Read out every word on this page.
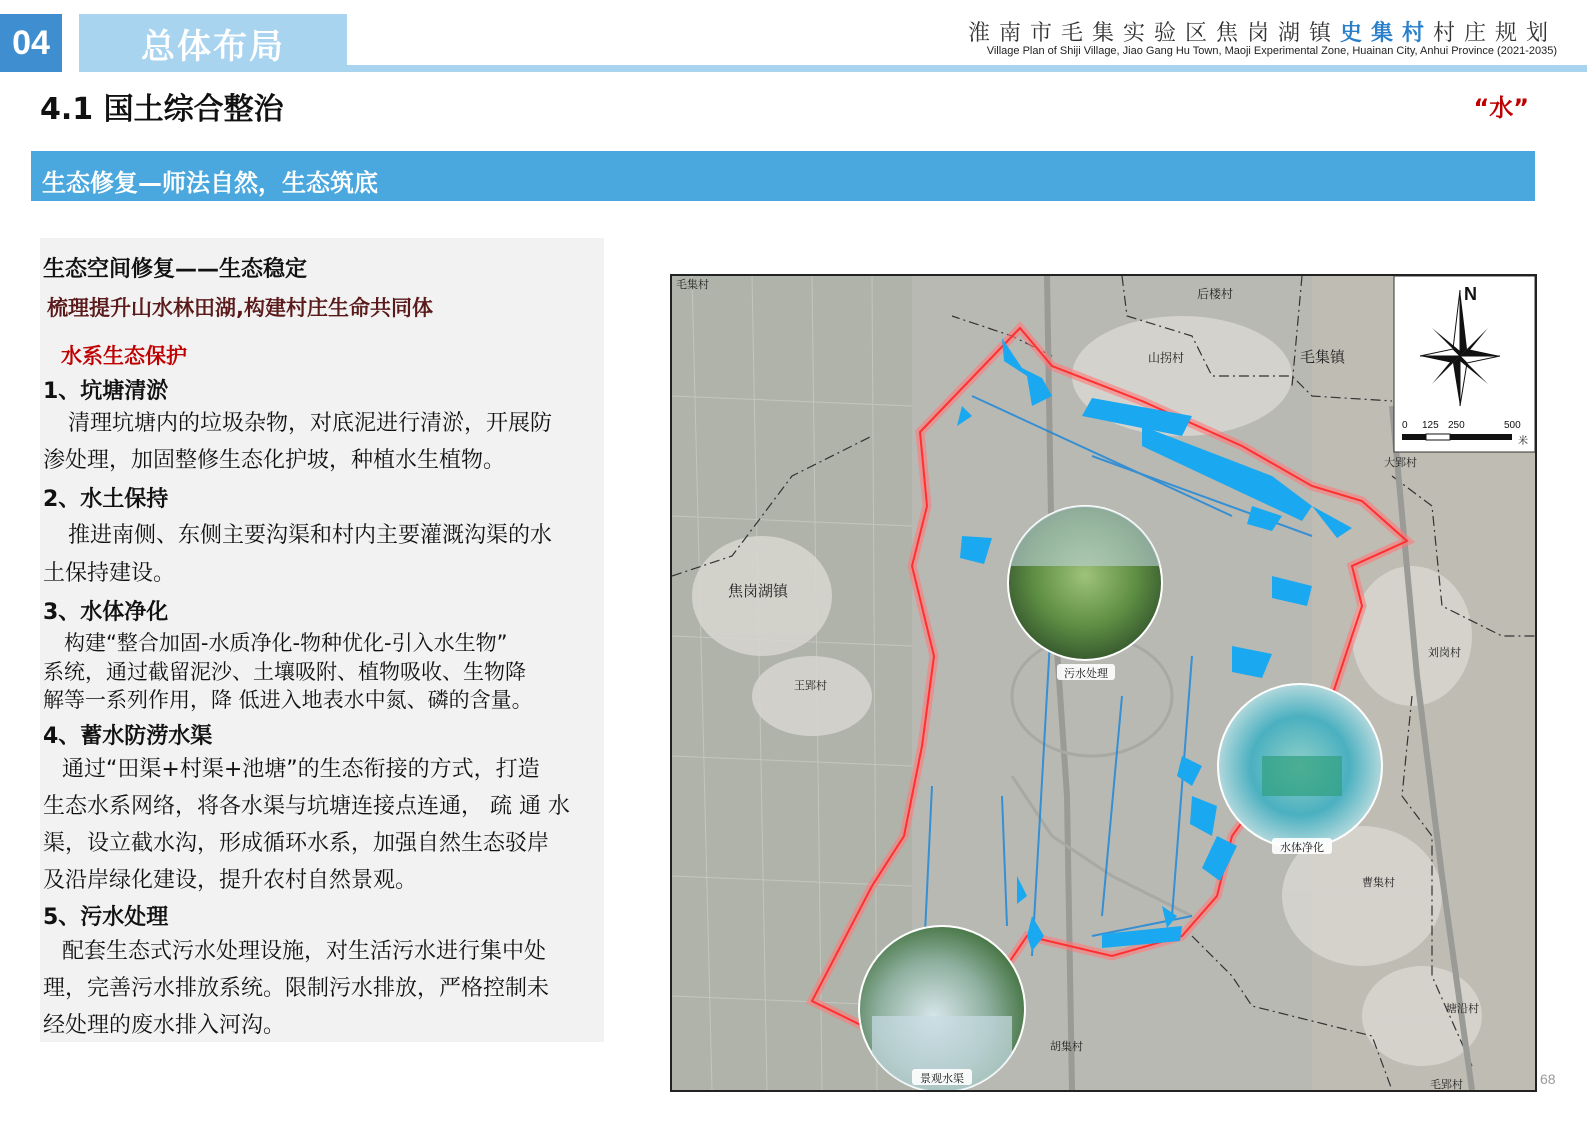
04	总体布局	淮南市毛集实验区焦岗湖镇史集村村庄规划
Village Plan of Shiji Village, Jiao Gang Hu Town, Maoji Experimental Zone, Huainan City, Anhui Province (2021-2035)
4.1 国土综合整治	“水”
生态修复—师法自然，生态筑底
生态空间修复——生态稳定
梳理提升山水林田湖,构建村庄生命共同体
水系生态保护
1、坑塘清淤
清理坑塘内的垃圾杂物，对底泥进行清淤，开展防
渗处理，加固整修生态化护坡，种植水生植物。
2、水土保持
推进南侧、东侧主要沟渠和村内主要灌溉沟渠的水
土保持建设。
3、水体净化
构建“整合加固-水质净化-物种优化-引入水生物”
系统，通过截留泥沙、土壤吸附、植物吸收、生物降
解等一系列作用，降 低进入地表水中氮、磷的含量。
4、蓄水防涝水渠
通过“田渠+村渠+池塘”的生态衔接的方式，打造
生态水系网络，将各水渠与坑塘连接点连通， 疏 通 水
渠，设立截水沟，形成循环水系，加强自然生态驳岸
及沿岸绿化建设，提升农村自然景观。
5、污水处理
配套生态式污水处理设施，对生活污水进行集中处
理，完善污水排放系统。限制污水排放，严格控制未
经处理的废水排入河沟。
污水处理
水体净化
景观水渠
毛集村
后楼村
山拐村	毛集镇
大郢村
焦岗湖镇
刘岗村
王郢村
曹集村
塘沿村
胡集村
毛郢村
N
0 125 250	500
米
68
